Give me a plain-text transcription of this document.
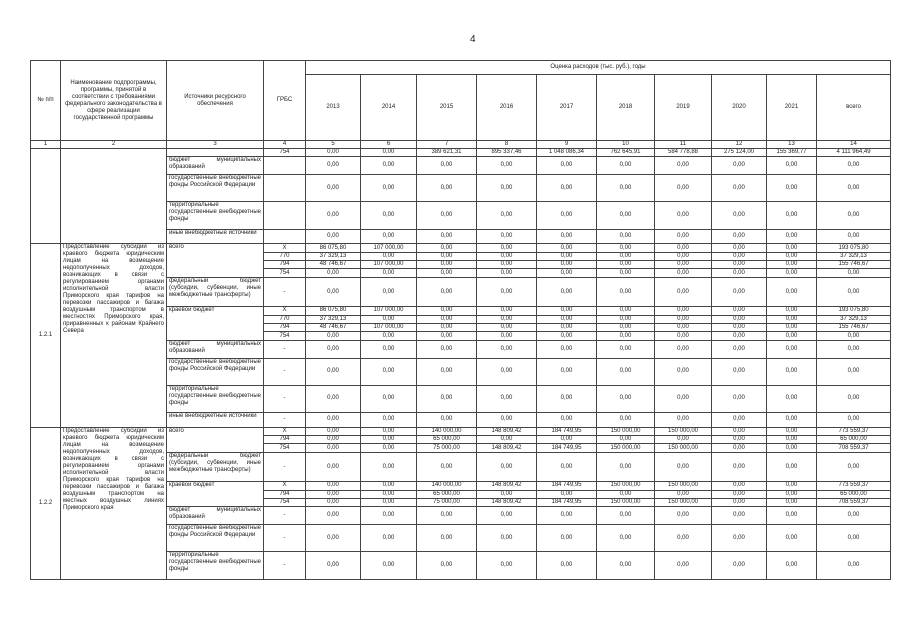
4
№ п/п	Наименование подпрограммы, программы, принятой в соответствии с требованиями федерального законодательства в сфере реализации государственной программы	Источники ресурсного обеспечения	ГРБС	Оценка расходов (тыс. руб.), годы									
				2013	2014	2015	2016	2017	2018	2019	2020	2021	всего
1	2	3	4	5	6	7	8	9	10	11	12	13	14
			754	0,00	0,00	389 621,31	895 337,46	1 048 086,34	762 645,91	584 778,88	275 124,00	155 369,77	4 111 964,49
		бюджет муниципальных образований		0,00	0,00	0,00	0,00	0,00	0,00	0,00	0,00	0,00	0,00
		государственные внебюджетные фонды Российской Федерации		0,00	0,00	0,00	0,00	0,00	0,00	0,00	0,00	0,00	0,00
		территориальные государственные внебюджетные фонды		0,00	0,00	0,00	0,00	0,00	0,00	0,00	0,00	0,00	0,00
		иные внебюджетные источники		0,00	0,00	0,00	0,00	0,00	0,00	0,00	0,00	0,00	0,00
1.2.1	Предоставление субсидий из краевого бюджета юридическим лицам на возмещение недополученных доходов, возникающих в связи с регулированием органами исполнительной власти Приморского края тарифов на перевозки пассажиров и багажа воздушным транспортом в местностях Приморского края, приравненных к районам Крайнего Севера	всего	X	86 075,80	107 000,00	0,00	0,00	0,00	0,00	0,00	0,00	0,00	193 075,80
			770	37 329,13	0,00	0,00	0,00	0,00	0,00	0,00	0,00	0,00	37 329,13
			794	48 746,67	107 000,00	0,00	0,00	0,00	0,00	0,00	0,00	0,00	155 746,67
			754	0,00	0,00	0,00	0,00	0,00	0,00	0,00	0,00	0,00	0,00
		федеральный бюджет (субсидии, субвенции, иные межбюджетные трансферты)	-	0,00	0,00	0,00	0,00	0,00	0,00	0,00	0,00	0,00	0,00
		краевой бюджет	X	86 075,80	107 000,00	0,00	0,00	0,00	0,00	0,00	0,00	0,00	193 075,80
			770	37 329,13	0,00	0,00	0,00	0,00	0,00	0,00	0,00	0,00	37 329,13
			794	48 746,67	107 000,00	0,00	0,00	0,00	0,00	0,00	0,00	0,00	155 746,67
			754	0,00	0,00	0,00	0,00	0,00	0,00	0,00	0,00	0,00	0,00
		бюджет муниципальных образований	-	0,00	0,00	0,00	0,00	0,00	0,00	0,00	0,00	0,00	0,00
		государственные внебюджетные фонды Российской Федерации	-	0,00	0,00	0,00	0,00	0,00	0,00	0,00	0,00	0,00	0,00
		территориальные государственные внебюджетные фонды	-	0,00	0,00	0,00	0,00	0,00	0,00	0,00	0,00	0,00	0,00
		иные внебюджетные источники	-	0,00	0,00	0,00	0,00	0,00	0,00	0,00	0,00	0,00	0,00
1.2.2	Предоставление субсидий из краевого бюджета юридическим лицам на возмещение недополученных доходов, возникающих в связи с регулированием органами исполнительной власти Приморского края тарифов на перевозки пассажиров и багажа воздушным транспортом на местных воздушных линиях Приморского края	всего	X	0,00	0,00	140 000,00	148 809,42	184 749,95	150 000,00	150 000,00	0,00	0,00	773 559,37
			794	0,00	0,00	65 000,00	0,00	0,00	0,00	0,00	0,00	0,00	65 000,00
			754	0,00	0,00	75 000,00	148 809,42	184 749,95	150 000,00	150 000,00	0,00	0,00	708 559,37
		федеральный бюджет (субсидии, субвенции, иные межбюджетные трансферты)	-	0,00	0,00	0,00	0,00	0,00	0,00	0,00	0,00	0,00	0,00
		краевой бюджет	X	0,00	0,00	140 000,00	148 809,42	184 749,95	150 000,00	150 000,00	0,00	0,00	773 559,37
			794	0,00	0,00	65 000,00	0,00	0,00	0,00	0,00	0,00	0,00	65 000,00
			754	0,00	0,00	75 000,00	148 809,42	184 749,95	150 000,00	150 000,00	0,00	0,00	708 559,37
		бюджет муниципальных образований	-	0,00	0,00	0,00	0,00	0,00	0,00	0,00	0,00	0,00	0,00
		государственные внебюджетные фонды Российской Федерации	-	0,00	0,00	0,00	0,00	0,00	0,00	0,00	0,00	0,00	0,00
		территориальные государственные внебюджетные фонды	-	0,00	0,00	0,00	0,00	0,00	0,00	0,00	0,00	0,00	0,00
